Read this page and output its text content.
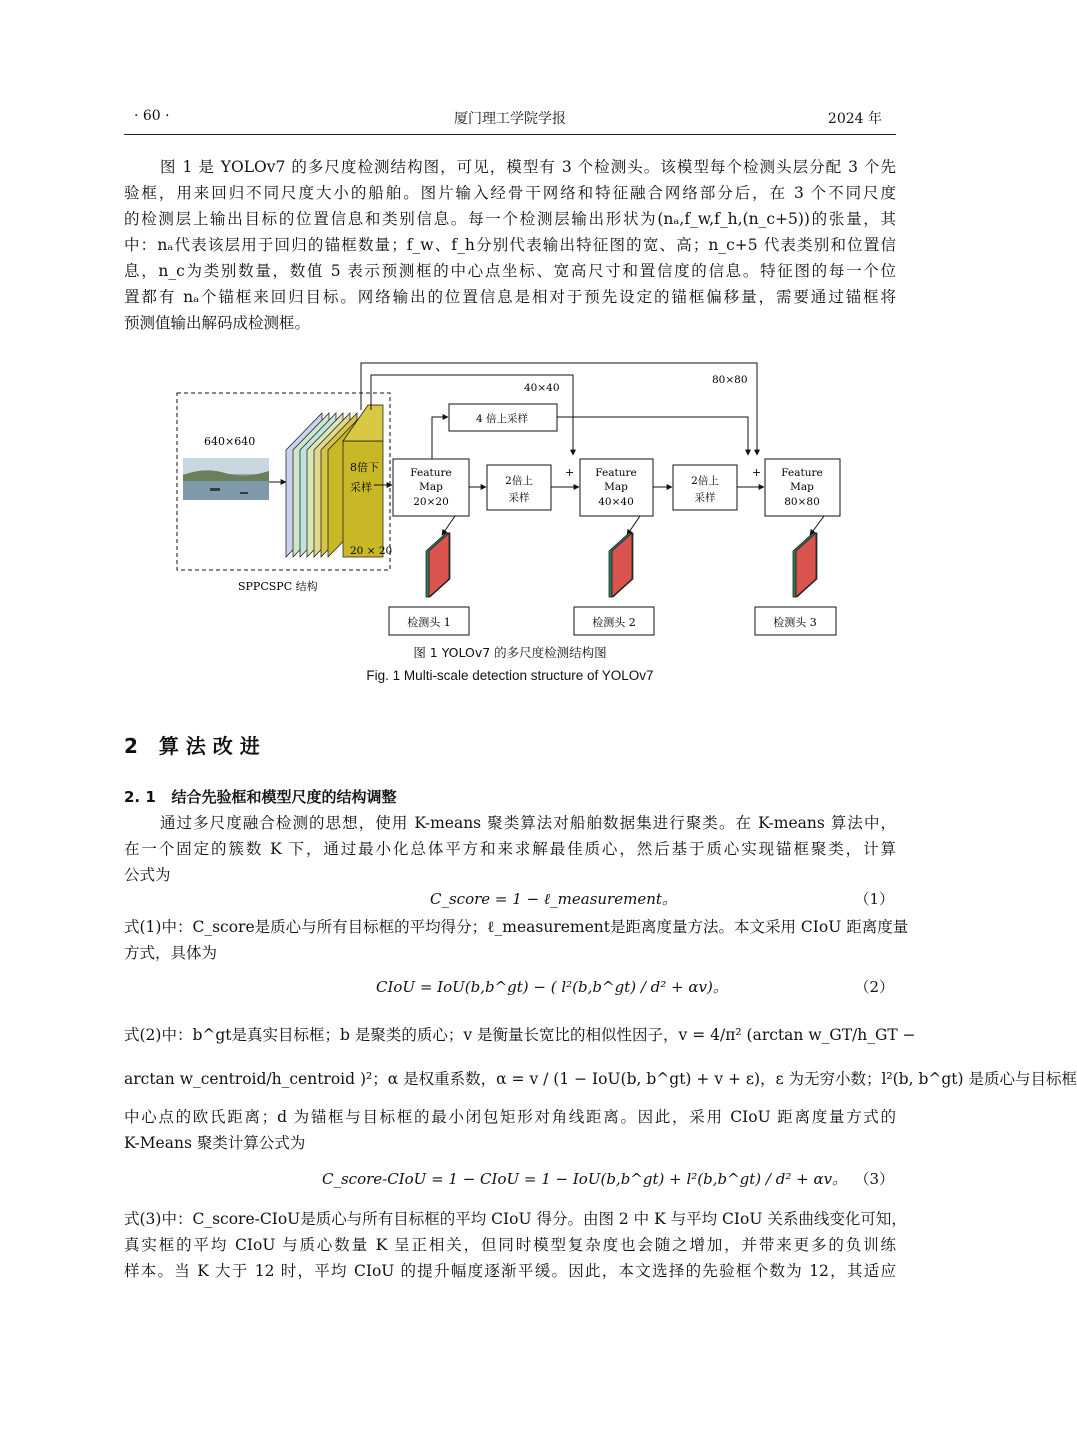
· 60 ·	厦门理工学院学报	2024 年
图 1 是 YOLOv7 的多尺度检测结构图，可见，模型有 3 个检测头。该模型每个检测头层分配 3 个先
验框，用来回归不同尺度大小的船舶。图片输入经骨干网络和特征融合网络部分后，在 3 个不同尺度
的检测层上输出目标的位置信息和类别信息。每一个检测层输出形状为(nₐ,f_w,f_h,(n_c+5))的张量，其
中：nₐ代表该层用于回归的锚框数量；f_w、f_h分别代表输出特征图的宽、高；n_c+5 代表类别和位置信
息，n_c为类别数量，数值 5 表示预测框的中心点坐标、宽高尺寸和置信度的信息。特征图的每一个位
置都有 nₐ个锚框来回归目标。网络输出的位置信息是相对于预先设定的锚框偏移量，需要通过锚框将
预测值输出解码成检测框。
640×640
8倍下
采样
20 × 20
SPPCSPC 结构
40×40
80×80
4 倍上采样
Feature
Map
20×20
2倍上
采样
+ Feature
Map
40×40
2倍上
采样
+ Feature
Map
80×80
检测头 1	检测头 2	检测头 3
图 1 YOLOv7 的多尺度检测结构图
Fig. 1 Multi-scale detection structure of YOLOv7
2 算 法 改 进
2. 1 结合先验框和模型尺度的结构调整
通过多尺度融合检测的思想，使用 K-means 聚类算法对船舶数据集进行聚类。在 K-means 算法中，
在一个固定的簇数 K 下，通过最小化总体平方和来求解最佳质心，然后基于质心实现锚框聚类，计算
公式为
C_score = 1 − ℓ_measurement。	（1）
式(1)中：C_score是质心与所有目标框的平均得分；ℓ_measurement是距离度量方法。本文采用 CIoU 距离度量
方式，具体为
CIoU = IoU(b,b^gt) − ( l²(b,b^gt) / d² + αv)。	（2）
式(2)中：b^gt是真实目标框；b 是聚类的质心；v 是衡量长宽比的相似性因子，v = 4/π² (arctan w_GT/h_GT −
arctan w_centroid/h_centroid )²；α 是权重系数，α = v / (1 − IoU(b, b^gt) + v + ε)，ε 为无穷小数；l²(b, b^gt) 是质心与目标框
中心点的欧氏距离；d 为锚框与目标框的最小闭包矩形对角线距离。因此，采用 CIoU 距离度量方式的
K-Means 聚类计算公式为
C_score-CIoU = 1 − CIoU = 1 − IoU(b,b^gt) + l²(b,b^gt) / d² + αv。 （3）
式(3)中：C_score-CIoU是质心与所有目标框的平均 CIoU 得分。由图 2 中 K 与平均 CIoU 关系曲线变化可知，
真实框的平均 CIoU 与质心数量 K 呈正相关，但同时模型复杂度也会随之增加，并带来更多的负训练
样本。当 K 大于 12 时，平均 CIoU 的提升幅度逐渐平缓。因此，本文选择的先验框个数为 12，其适应
